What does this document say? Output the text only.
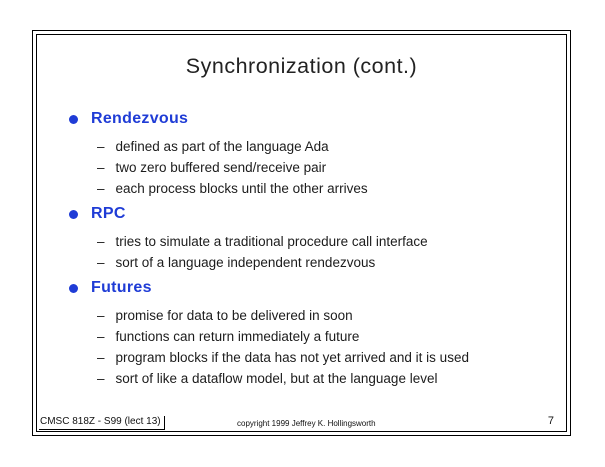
Synchronization (cont.)
Rendezvous
– defined as part of the language Ada
– two zero buffered send/receive pair
– each process blocks until the other arrives
RPC
– tries to simulate a traditional procedure call interface
– sort of a language independent rendezvous
Futures
– promise for data to be delivered in soon
– functions can return immediately a future
– program blocks if the data has not yet arrived and it is used
– sort of like a dataflow model, but at the language level
CMSC 818Z - S99 (lect 13)	copyright 1999 Jeffrey K. Hollingsworth	7
